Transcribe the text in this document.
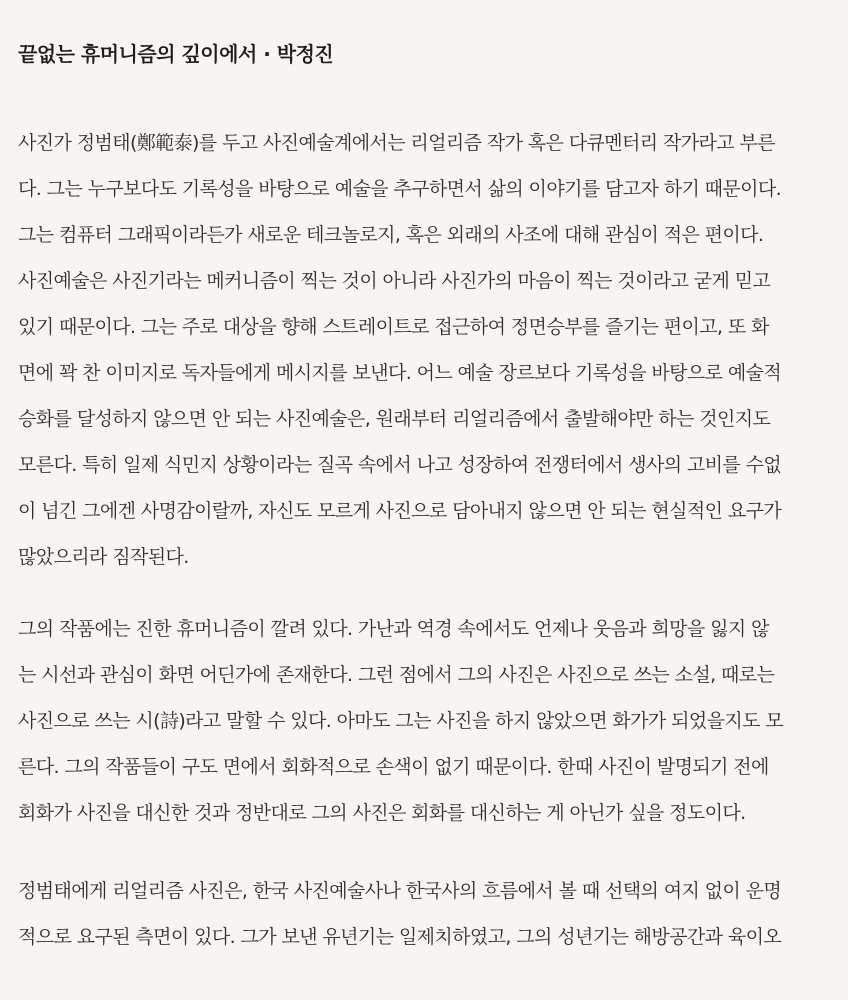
끝없는 휴머니즘의 깊이에서 · 박정진
사진가 정범태(鄭範泰)를 두고 사진예술계에서는 리얼리즘 작가 혹은 다큐멘터리 작가라고 부른
다. 그는 누구보다도 기록성을 바탕으로 예술을 추구하면서 삶의 이야기를 담고자 하기 때문이다.
그는 컴퓨터 그래픽이라든가 새로운 테크놀로지, 혹은 외래의 사조에 대해 관심이 적은 편이다.
사진예술은 사진기라는 메커니즘이 찍는 것이 아니라 사진가의 마음이 찍는 것이라고 굳게 믿고
있기 때문이다. 그는 주로 대상을 향해 스트레이트로 접근하여 정면승부를 즐기는 편이고, 또 화
면에 꽉 찬 이미지로 독자들에게 메시지를 보낸다. 어느 예술 장르보다 기록성을 바탕으로 예술적
승화를 달성하지 않으면 안 되는 사진예술은, 원래부터 리얼리즘에서 출발해야만 하는 것인지도
모른다. 특히 일제 식민지 상황이라는 질곡 속에서 나고 성장하여 전쟁터에서 생사의 고비를 수없
이 넘긴 그에겐 사명감이랄까, 자신도 모르게 사진으로 담아내지 않으면 안 되는 현실적인 요구가
많았으리라 짐작된다.
그의 작품에는 진한 휴머니즘이 깔려 있다. 가난과 역경 속에서도 언제나 웃음과 희망을 잃지 않
는 시선과 관심이 화면 어딘가에 존재한다. 그런 점에서 그의 사진은 사진으로 쓰는 소설, 때로는
사진으로 쓰는 시(詩)라고 말할 수 있다. 아마도 그는 사진을 하지 않았으면 화가가 되었을지도 모
른다. 그의 작품들이 구도 면에서 회화적으로 손색이 없기 때문이다. 한때 사진이 발명되기 전에
회화가 사진을 대신한 것과 정반대로 그의 사진은 회화를 대신하는 게 아닌가 싶을 정도이다.
정범태에게 리얼리즘 사진은, 한국 사진예술사나 한국사의 흐름에서 볼 때 선택의 여지 없이 운명
적으로 요구된 측면이 있다. 그가 보낸 유년기는 일제치하였고, 그의 성년기는 해방공간과 육이오
